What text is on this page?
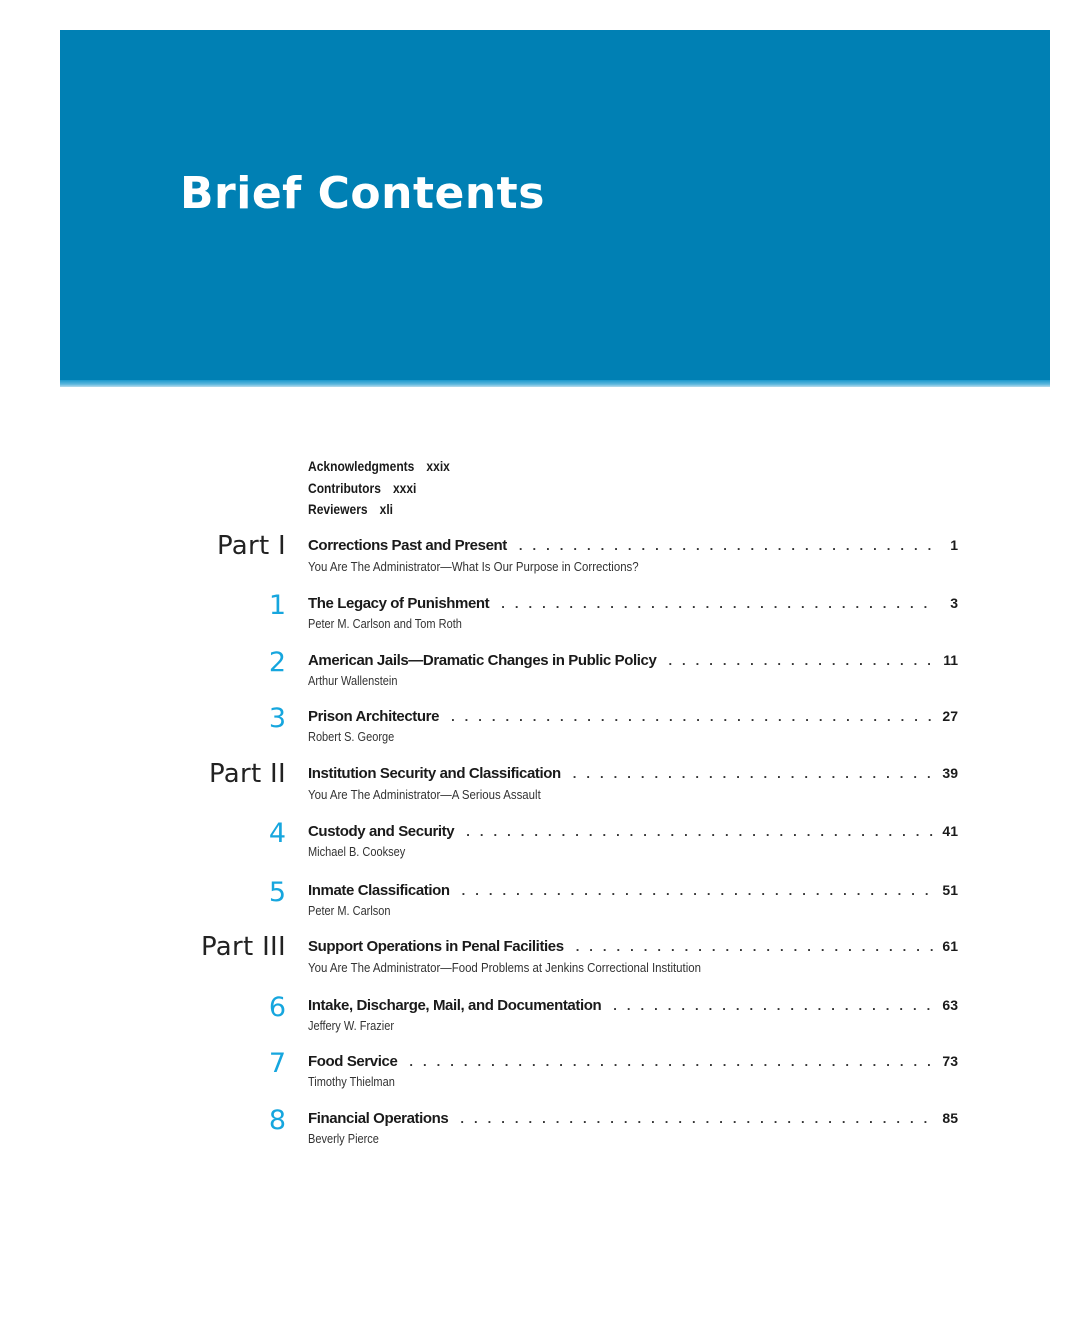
Brief Contents
Acknowledgments xxix
Contributors xxxi
Reviewers xli
Part I Corrections Past and Present . . .	1
You Are The Administrator—What Is Our Purpose in Corrections?
1 The Legacy of Punishment . . .	3
Peter M. Carlson and Tom Roth
2 American Jails—Dramatic Changes in Public Policy . . .	11
Arthur Wallenstein
3 Prison Architecture . . .	27
Robert S. George
Part II Institution Security and Classification . . .	39
You Are The Administrator—A Serious Assault
4 Custody and Security . . .	41
Michael B. Cooksey
5 Inmate Classification . . .	51
Peter M. Carlson
Part III Support Operations in Penal Facilities . . .	61
You Are The Administrator—Food Problems at Jenkins Correctional Institution
6 Intake, Discharge, Mail, and Documentation . . .	63
Jeffery W. Frazier
7 Food Service . . .	73
Timothy Thielman
8 Financial Operations . . .	85
Beverly Pierce
